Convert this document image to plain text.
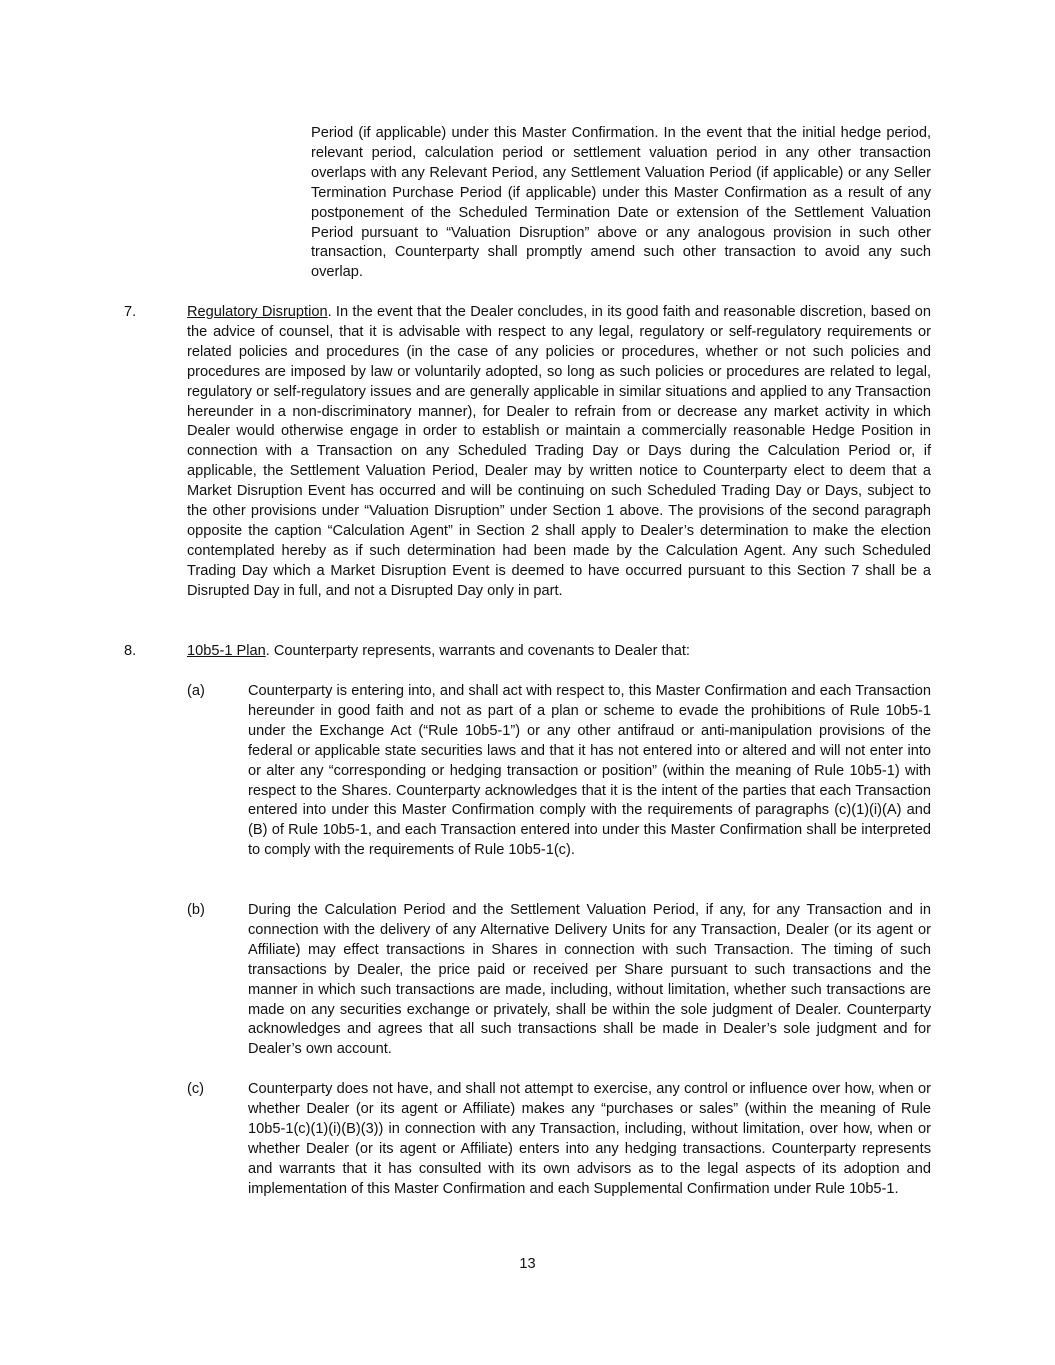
Period (if applicable) under this Master Confirmation. In the event that the initial hedge period, relevant period, calculation period or settlement valuation period in any other transaction overlaps with any Relevant Period, any Settlement Valuation Period (if applicable) or any Seller Termination Purchase Period (if applicable) under this Master Confirmation as a result of any postponement of the Scheduled Termination Date or extension of the Settlement Valuation Period pursuant to “Valuation Disruption” above or any analogous provision in such other transaction, Counterparty shall promptly amend such other transaction to avoid any such overlap.

7.	Regulatory Disruption. In the event that the Dealer concludes, in its good faith and reasonable discretion, based on the advice of counsel, that it is advisable with respect to any legal, regulatory or self-regulatory requirements or related policies and procedures (in the case of any policies or procedures, whether or not such policies and procedures are imposed by law or voluntarily adopted, so long as such policies or procedures are related to legal, regulatory or self-regulatory issues and are generally applicable in similar situations and applied to any Transaction hereunder in a non-discriminatory manner), for Dealer to refrain from or decrease any market activity in which Dealer would otherwise engage in order to establish or maintain a commercially reasonable Hedge Position in connection with a Transaction on any Scheduled Trading Day or Days during the Calculation Period or, if applicable, the Settlement Valuation Period, Dealer may by written notice to Counterparty elect to deem that a Market Disruption Event has occurred and will be continuing on such Scheduled Trading Day or Days, subject to the other provisions under “Valuation Disruption” under Section 1 above. The provisions of the second paragraph opposite the caption “Calculation Agent” in Section 2 shall apply to Dealer’s determination to make the election contemplated hereby as if such determination had been made by the Calculation Agent. Any such Scheduled Trading Day which a Market Disruption Event is deemed to have occurred pursuant to this Section 7 shall be a Disrupted Day in full, and not a Disrupted Day only in part.

8.	10b5-1 Plan. Counterparty represents, warrants and covenants to Dealer that:

(a)	Counterparty is entering into, and shall act with respect to, this Master Confirmation and each Transaction hereunder in good faith and not as part of a plan or scheme to evade the prohibitions of Rule 10b5-1 under the Exchange Act (“Rule 10b5-1”) or any other antifraud or anti-manipulation provisions of the federal or applicable state securities laws and that it has not entered into or altered and will not enter into or alter any “corresponding or hedging transaction or position” (within the meaning of Rule 10b5-1) with respect to the Shares. Counterparty acknowledges that it is the intent of the parties that each Transaction entered into under this Master Confirmation comply with the requirements of paragraphs (c)(1)(i)(A) and (B) of Rule 10b5-1, and each Transaction entered into under this Master Confirmation shall be interpreted to comply with the requirements of Rule 10b5-1(c).

(b)	During the Calculation Period and the Settlement Valuation Period, if any, for any Transaction and in connection with the delivery of any Alternative Delivery Units for any Transaction, Dealer (or its agent or Affiliate) may effect transactions in Shares in connection with such Transaction. The timing of such transactions by Dealer, the price paid or received per Share pursuant to such transactions and the manner in which such transactions are made, including, without limitation, whether such transactions are made on any securities exchange or privately, shall be within the sole judgment of Dealer. Counterparty acknowledges and agrees that all such transactions shall be made in Dealer’s sole judgment and for Dealer’s own account.

(c)	Counterparty does not have, and shall not attempt to exercise, any control or influence over how, when or whether Dealer (or its agent or Affiliate) makes any “purchases or sales” (within the meaning of Rule 10b5-1(c)(1)(i)(B)(3)) in connection with any Transaction, including, without limitation, over how, when or whether Dealer (or its agent or Affiliate) enters into any hedging transactions. Counterparty represents and warrants that it has consulted with its own advisors as to the legal aspects of its adoption and implementation of this Master Confirmation and each Supplemental Confirmation under Rule 10b5-1.

13
